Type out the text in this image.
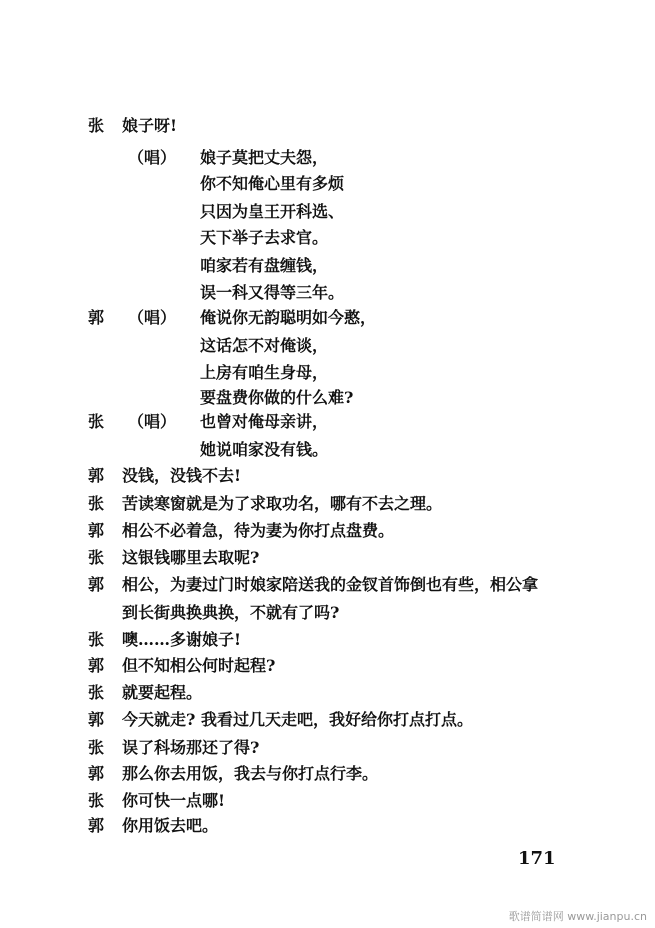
张 娘子呀!
（唱） 娘子莫把丈夫怨，
你不知俺心里有多烦
只因为皇王开科选、
天下举子去求官。
咱家若有盘缠钱，
误一科又得等三年。
郭 （唱） 俺说你无韵聪明如今憨，
这话怎不对俺谈，
上房有咱生身母，
要盘费你做的什么难?
张 （唱） 也曾对俺母亲讲，
她说咱家没有钱。
郭 没钱，没钱不去!
张 苦读寒窗就是为了求取功名，哪有不去之理。
郭 相公不必着急，待为妻为你打点盘费。
张 这银钱哪里去取呢?
郭 相公，为妻过门时娘家陪送我的金钗首饰倒也有些，相公拿
到长街典换典换，不就有了吗?
张 噢……多谢娘子!
郭 但不知相公何时起程?
张 就要起程。
郭 今天就走? 我看过几天走吧，我好给你打点打点。
张 误了科场那还了得?
郭 那么你去用饭，我去与你打点行李。
张 你可快一点哪!
郭 你用饭去吧。
171
歌谱简谱网 www.jianpu.cn
